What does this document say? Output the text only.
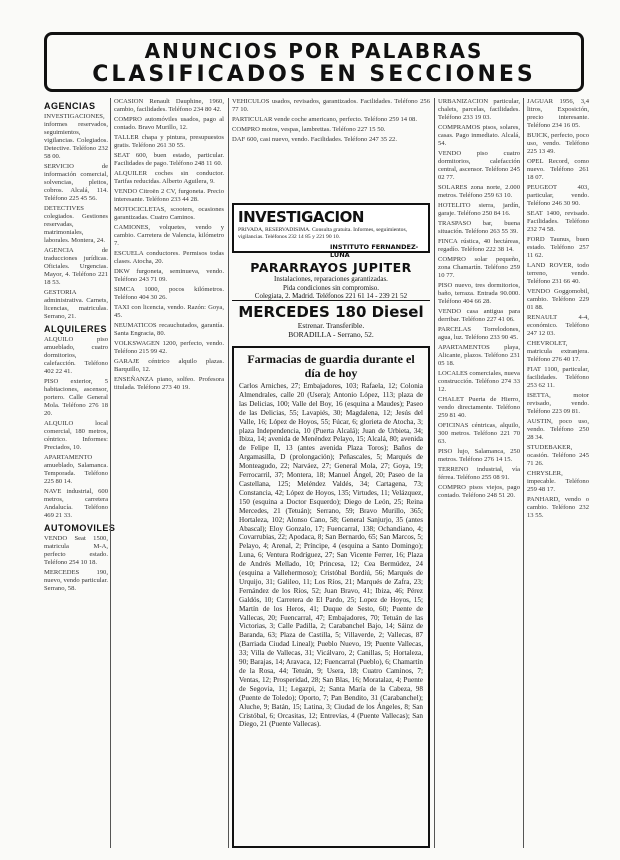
ANUNCIOS POR PALABRAS
CLASIFICADOS EN SECCIONES
AGENCIAS
INVESTIGACIONES, informes reservados, seguimientos, vigilancias. Colegiados. Detective. Teléfono 232 58 00.
SERVICIO de información comercial, solvencias, pleitos, cobros. Alcalá, 114. Teléfono 225 45 56.
DETECTIVES colegiados. Gestiones reservadas, matrimoniales, laborales. Montera, 24.
AGENCIA de traducciones jurídicas. Oficiales. Urgencias. Mayor, 4. Teléfono 221 18 53.
GESTORIA administrativa. Carnets, licencias, matriculas. Serrano, 21.
ALQUILERES
ALQUILO piso amueblado, cuatro dormitorios, calefacción. Teléfono 402 22 41.
PISO exterior, 5 habitaciones, ascensor, portero. Calle General Mola. Teléfono 276 18 20.
ALQUILO local comercial, 180 metros, céntrico. Informes: Preciados, 10.
APARTAMENTO amueblado, Salamanca. Temporada. Teléfono 225 80 14.
NAVE industrial, 600 metros, carretera Andalucía. Teléfono 469 21 33.
AUTOMOVILES
VENDO Seat 1500, matricula M-A, perfecto estado. Teléfono 254 10 18.
MERCEDES 190, nuevo, vendo particular. Serrano, 58.
OCASION Renault Dauphine, 1960, cambio, facilidades. Teléfono 234 80 42.
COMPRO automóviles usados, pago al contado. Bravo Murillo, 12.
TALLER chapa y pintura, presupuestos gratis. Teléfono 261 30 55.
SEAT 600, buen estado, particular. Facilidades de pago. Teléfono 248 11 60.
ALQUILER coches sin conductor. Tarifas reducidas. Alberto Aguilera, 9.
VENDO Citroën 2 CV, furgoneta. Precio interesante. Teléfono 233 44 28.
MOTOCICLETAS, scooters, ocasiones garantizadas. Cuatro Caminos.
CAMIONES, volquetes, vendo y cambio. Carretera de Valencia, kilómetro 7.
ESCUELA conductores. Permisos todas clases. Atocha, 20.
DKW furgoneta, seminueva, vendo. Teléfono 243 71 09.
SIMCA 1000, pocos kilómetros. Teléfono 404 30 26.
TAXI con licencia, vendo. Razón: Goya, 45.
NEUMATICOS recauchutados, garantía. Santa Engracia, 80.
VOLKSWAGEN 1200, perfecto, vendo. Teléfono 215 99 42.
GARAJE céntrico alquilo plazas. Barquillo, 12.
ENSEÑANZA piano, solfeo. Profesora titulada. Teléfono 273 40 19.
VEHICULOS usados, revisados, garantizados. Facilidades. Teléfono 256 77 10.
PARTICULAR vende coche americano, perfecto. Teléfono 259 14 08.
COMPRO motos, vespas, lambrettas. Teléfono 227 15 50.
DAF 600, casi nuevo, vendo. Facilidades. Teléfono 247 35 22.
INVESTIGACION
PRIVADA, RESERVADISIMA. Consulta gratuita. Informes, seguimientos, vigilancias. Teléfonos 232 14 85 y 221 90 10.
INSTITUTO FERNANDEZ-LUNA
PARARRAYOS JUPITER
Instalaciones, reparaciones garantizadas.
Pida condiciones sin compromiso.
Colegiata, 2. Madrid. Teléfonos 221 61 14 - 239 21 52
MERCEDES 180 Diesel
Estrenar. Transferible.
BORADILLA - Serrano, 52.
Farmacias de guardia durante el día de hoy
Carlos Arniches, 27; Embajadores, 103; Rafaela, 12; Colonia Almendrales, calle 20 (Usera); Antonio López, 113; plaza de las Delicias, 100; Valle del Boy, 16 (esquina a Maudes); Paseo de las Delicias, 55; Lavapiés, 30; Magdalena, 12; Jesús del Valle, 16; López de Hoyos, 55; Fúcar, 6; glorieta de Atocha, 3; plaza Independencia, 10 (Puerta Alcalá); Juan de Urbieta, 34; Ibiza, 14; avenida de Menéndez Pelayo, 15; Alcalá, 80; avenida de Felipe II, 13 (antes avenida Plaza Toros); Baños de Argamasilla, D (prolongación); Peñascales, 5; Marqués de Monteagudo, 22; Narváez, 27; General Mola, 27; Goya, 19; Ferrocarril, 37; Montera, 18; Manuel Ángel, 20; Paseo de la Castellana, 125; Meléndez Valdés, 34; Cartagena, 73; Constancia, 42; López de Hoyos, 135; Virtudes, 11; Velázquez, 150 (esquina a Doctor Esquerdo); Diego de León, 25; Reina Mercedes, 21 (Tetuán); Serrano, 59; Bravo Murillo, 365; Hortaleza, 102; Alonso Cano, 58; General Sanjurjo, 35 (antes Abascal); Eloy Gonzalo, 17; Fuencarral, 138; Ochandiano, 4; Covarrubias, 22; Apodaca, 8; San Bernardo, 65; San Marcos, 5; Pelayo, 4; Arenal, 2; Príncipe, 4 (esquina a Santo Domingo); Luna, 6; Ventura Rodríguez, 27; San Vicente Ferrer, 16; Plaza de Andrés Mellado, 10; Princesa, 12; Cea Bermúdez, 24 (esquina a Vallehermoso); Cristóbal Bordiú, 56; Marqués de Urquijo, 31; Galileo, 11; Los Ríos, 21; Marqués de Zafra, 23; Fernández de los Ríos, 52; Juan Bravo, 41; Ibiza, 46; Pérez Galdós, 10; Carretera de El Pardo, 25; Lopez de Hoyos, 15; Martín de los Heros, 41; Duque de Sesto, 60; Puente de Vallecas, 20; Fuencarral, 47; Embajadores, 70; Tetuán de las Victorias, 3; Calle Padilla, 2; Carabanchel Bajo, 14; Sáinz de Baranda, 63; Plaza de Castilla, 5; Villaverde, 2; Vallecas, 87 (Barriada Ciudad Lineal); Pueblo Nuevo, 19; Puente Vallecas, 33; Villa de Vallecas, 31; Vicálvaro, 2; Canillas, 5; Hortaleza, 90; Barajas, 14; Aravaca, 12; Fuencarral (Pueblo), 6; Chamartín de la Rosa, 44; Tetuán, 9; Usera, 18; Cuatro Caminos, 7; Ventas, 12; Prosperidad, 28; San Blas, 16; Moratalaz, 4; Puente de Segovia, 11; Legazpi, 2; Santa María de la Cabeza, 98 (Puente de Toledo); Oporto, 7; Pan Bendito, 31 (Carabanchel); Aluche, 9; Batán, 15; Latina, 3; Ciudad de los Ángeles, 8; San Cristóbal, 6; Orcasitas, 12; Entrevías, 4 (Puente Vallecas); San Diego, 21 (Puente Vallecas).
URBANIZACION particular, chalets, parcelas, facilidades. Teléfono 233 19 03.
COMPRAMOS pisos, solares, casas. Pago inmediato. Alcalá, 54.
VENDO piso cuatro dormitorios, calefacción central, ascensor. Teléfono 245 02 77.
SOLARES zona norte, 2.000 metros. Teléfono 259 63 10.
HOTELITO sierra, jardín, garaje. Teléfono 250 84 16.
TRASPASO bar, buena situación. Teléfono 263 55 39.
FINCA rústica, 40 hectáreas, regadío. Teléfono 222 38 14.
COMPRO solar pequeño, zona Chamartín. Teléfono 259 10 77.
PISO nuevo, tres dormitorios, baño, terraza. Entrada 90.000. Teléfono 404 66 28.
VENDO casa antigua para derribar. Teléfono 227 41 06.
PARCELAS Torrelodones, agua, luz. Teléfono 233 90 45.
APARTAMENTOS playa, Alicante, plazos. Teléfono 231 05 18.
LOCALES comerciales, nueva construcción. Teléfono 274 33 12.
CHALET Puerta de Hierro, vendo directamente. Teléfono 259 81 40.
OFICINAS céntricas, alquilo, 300 metros. Teléfono 221 70 63.
PISO lujo, Salamanca, 250 metros. Teléfono 276 14 15.
TERRENO industrial, vía férrea. Teléfono 255 08 91.
COMPRO pisos viejos, pago contado. Teléfono 248 51 20.
JAGUAR 1956, 3,4 litros, Exposición, precio interesante. Teléfono 234 16 05.
BUICK, perfecto, poco uso, vendo. Teléfono 225 13 49.
OPEL Record, como nuevo. Teléfono 261 18 07.
PEUGEOT 403, particular, vendo. Teléfono 246 30 90.
SEAT 1400, revisado. Facilidades. Teléfono 232 74 58.
FORD Taunus, buen estado. Teléfono 257 11 62.
LAND ROVER, todo terreno, vendo. Teléfono 231 66 40.
VENDO Goggomobil, cambio. Teléfono 229 01 88.
RENAULT 4-4, económico. Teléfono 247 12 03.
CHEVROLET, matricula extranjera. Teléfono 276 40 17.
FIAT 1100, particular, facilidades. Teléfono 253 62 11.
ISETTA, motor revisado, vendo. Teléfono 223 09 81.
AUSTIN, poco uso, vendo. Teléfono 250 28 34.
STUDEBAKER, ocasión. Teléfono 245 71 26.
CHRYSLER, impecable. Teléfono 259 48 17.
PANHARD, vendo o cambio. Teléfono 232 13 55.
